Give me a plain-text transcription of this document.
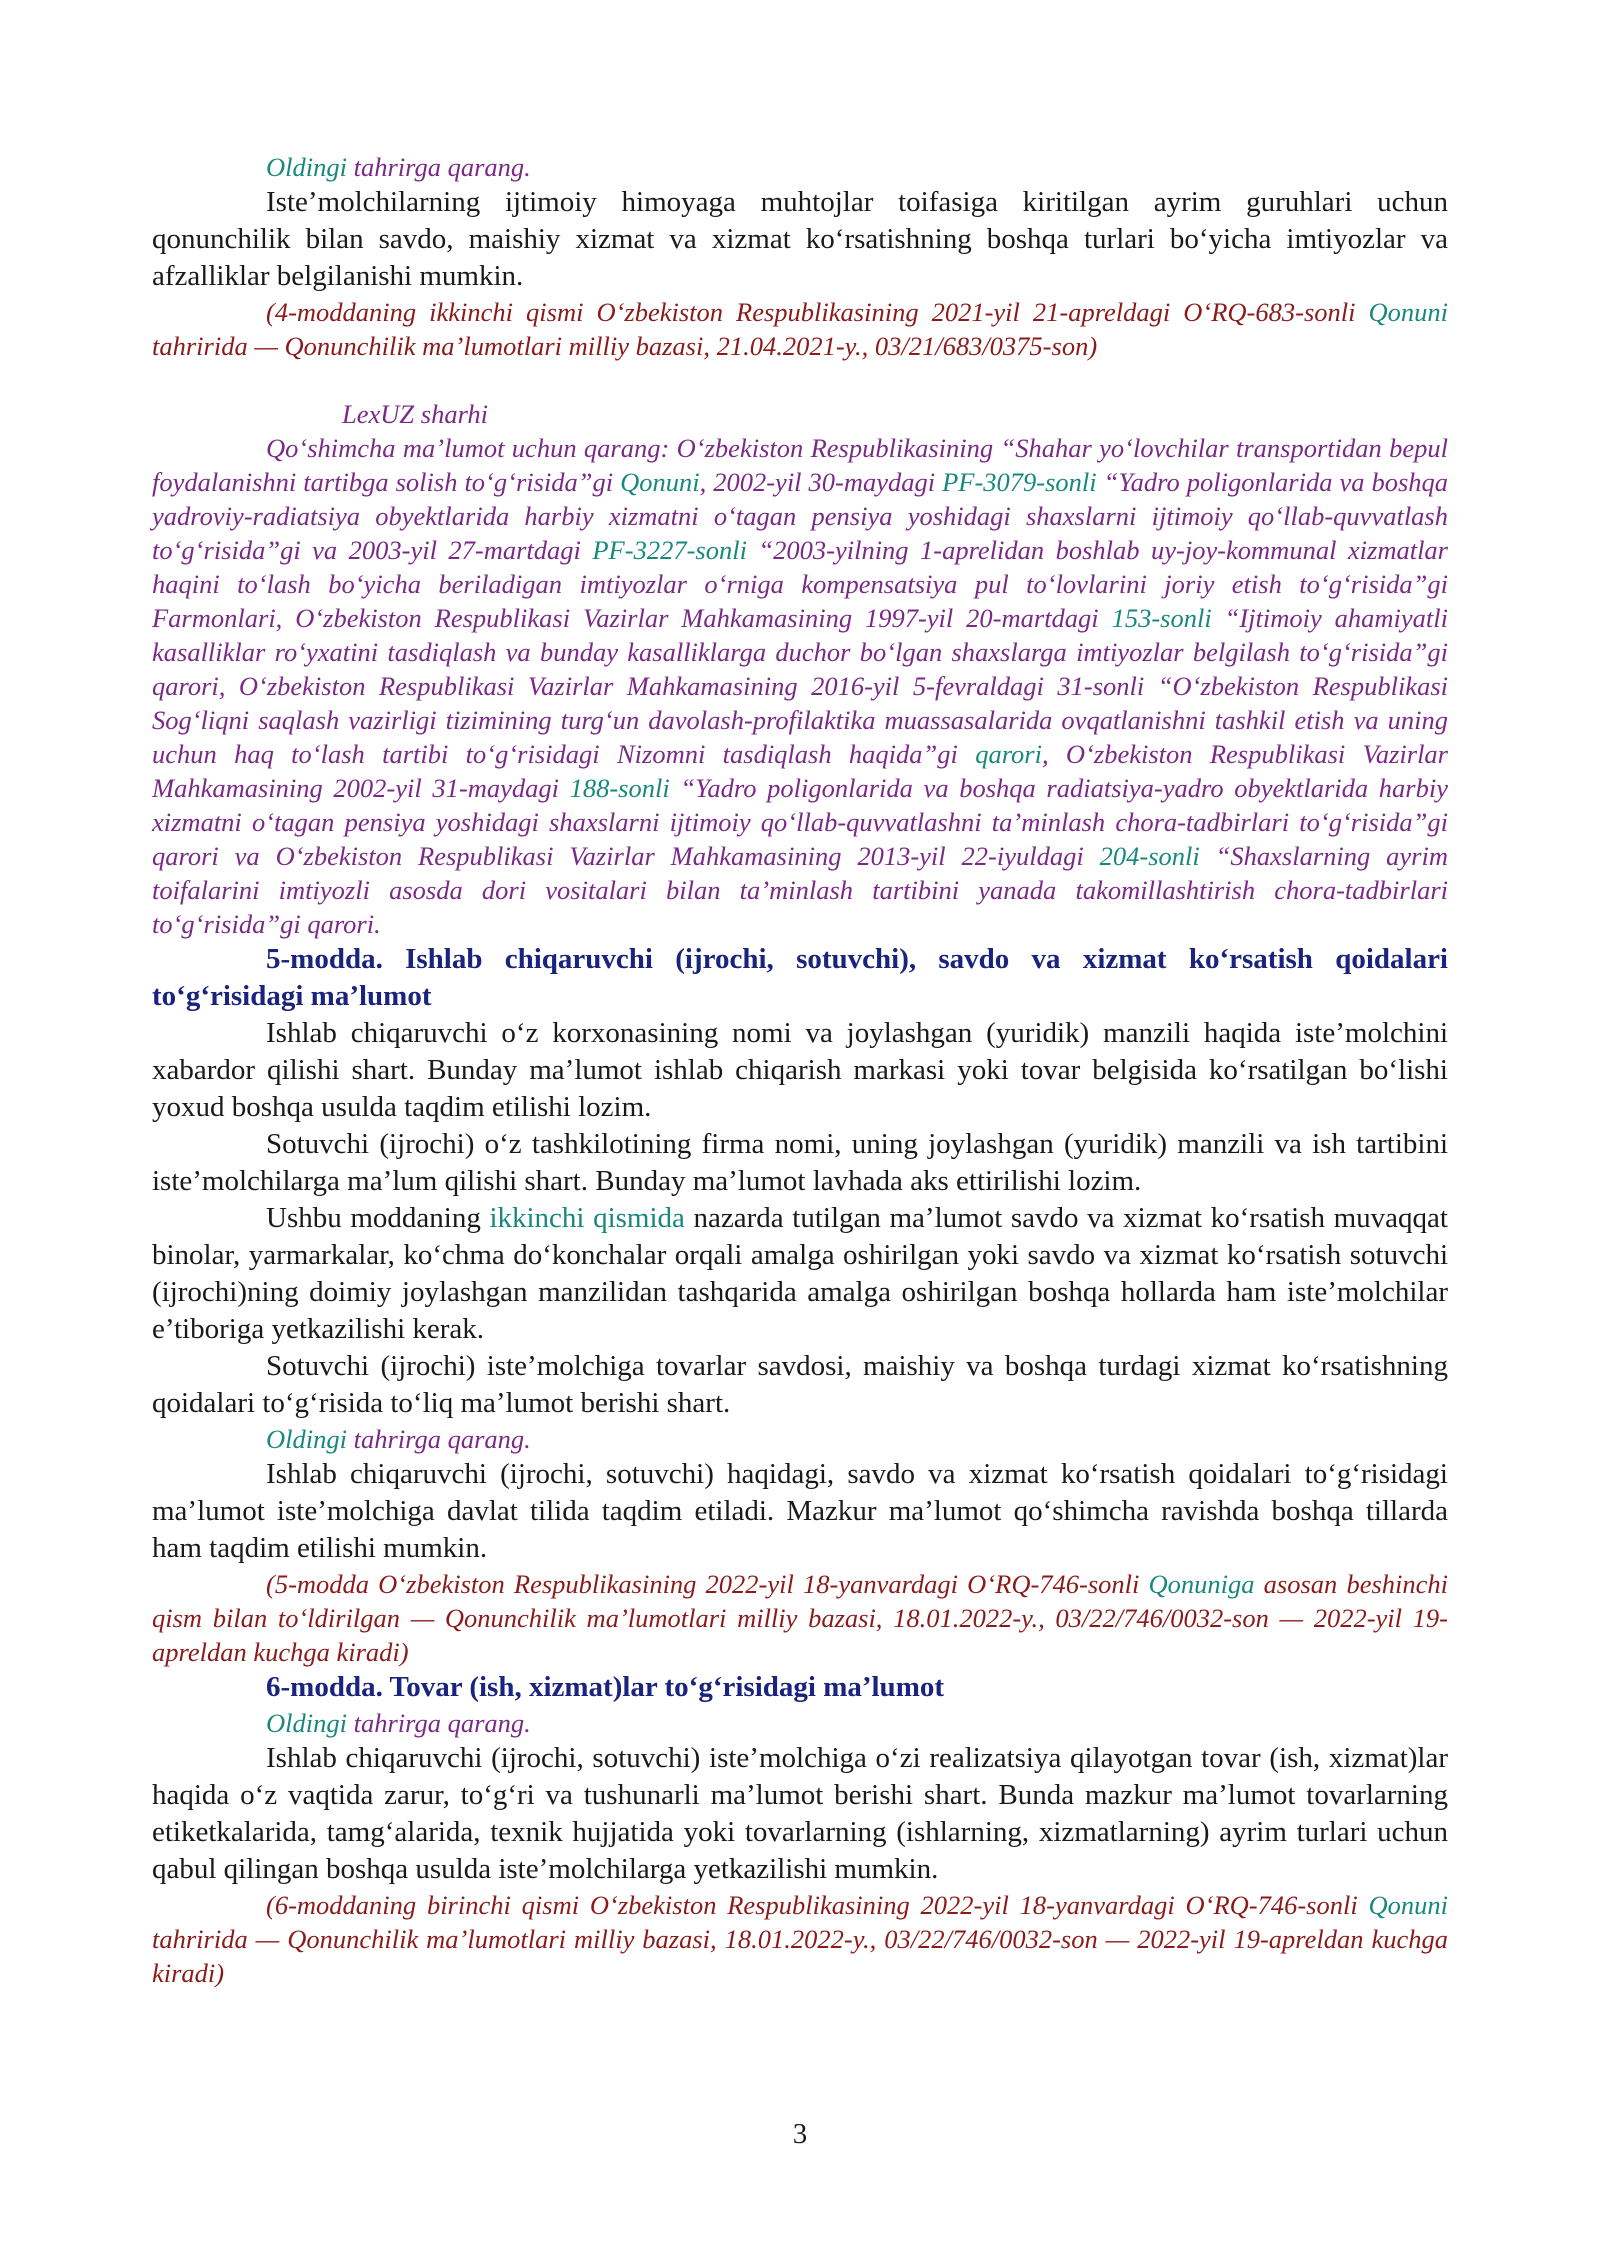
Oldingi tahrirga qarang.

Iste’molchilarning ijtimoiy himoyaga muhtojlar toifasiga kiritilgan ayrim guruhlari uchun qonunchilik bilan savdo, maishiy xizmat va xizmat ko‘rsatishning boshqa turlari bo‘yicha imtiyozlar va afzalliklar belgilanishi mumkin.

(4-moddaning ikkinchi qismi O‘zbekiston Respublikasining 2021-yil 21-apreldagi O‘RQ-683-sonli Qonuni tahririda — Qonunchilik ma’lumotlari milliy bazasi, 21.04.2021-y., 03/21/683/0375-son)

LexUZ sharhi

Qo‘shimcha ma’lumot uchun qarang: O‘zbekiston Respublikasining “Shahar yo‘lovchilar transportidan bepul foydalanishni tartibga solish to‘g‘risida”gi Qonuni, 2002-yil 30-maydagi PF-3079-sonli “Yadro poligonlarida va boshqa yadroviy-radiatsiya obyektlarida harbiy xizmatni o‘tagan pensiya yoshidagi shaxslarni ijtimoiy qo‘llab-quvvatlash to‘g‘risida”gi va 2003-yil 27-martdagi PF-3227-sonli “2003-yilning 1-aprelidan boshlab uy-joy-kommunal xizmatlar haqini to‘lash bo‘yicha beriladigan imtiyozlar o‘rniga kompensatsiya pul to‘lovlarini joriy etish to‘g‘risida”gi Farmonlari, O‘zbekiston Respublikasi Vazirlar Mahkamasining 1997-yil 20-martdagi 153-sonli “Ijtimoiy ahamiyatli kasalliklar ro‘yxatini tasdiqlash va bunday kasalliklarga duchor bo‘lgan shaxslarga imtiyozlar belgilash to‘g‘risida”gi qarori, O‘zbekiston Respublikasi Vazirlar Mahkamasining 2016-yil 5-fevraldagi 31-sonli “O‘zbekiston Respublikasi Sog‘liqni saqlash vazirligi tizimining turg‘un davolash-profilaktika muassasalarida ovqatlanishni tashkil etish va uning uchun haq to‘lash tartibi to‘g‘risidagi Nizomni tasdiqlash haqida”gi qarori, O‘zbekiston Respublikasi Vazirlar Mahkamasining 2002-yil 31-maydagi 188-sonli “Yadro poligonlarida va boshqa radiatsiya-yadro obyektlarida harbiy xizmatni o‘tagan pensiya yoshidagi shaxslarni ijtimoiy qo‘llab-quvvatlashni ta’minlash chora-tadbirlari to‘g‘risida”gi qarori va O‘zbekiston Respublikasi Vazirlar Mahkamasining 2013-yil 22-iyuldagi 204-sonli “Shaxslarning ayrim toifalarini imtiyozli asosda dori vositalari bilan ta’minlash tartibini yanada takomillashtirish chora-tadbirlari to‘g‘risida”gi qarori.

5-modda. Ishlab chiqaruvchi (ijrochi, sotuvchi), savdo va xizmat ko‘rsatish qoidalari to‘g‘risidagi ma’lumot

Ishlab chiqaruvchi o‘z korxonasining nomi va joylashgan (yuridik) manzili haqida iste’molchini xabardor qilishi shart. Bunday ma’lumot ishlab chiqarish markasi yoki tovar belgisida ko‘rsatilgan bo‘lishi yoxud boshqa usulda taqdim etilishi lozim.

Sotuvchi (ijrochi) o‘z tashkilotining firma nomi, uning joylashgan (yuridik) manzili va ish tartibini iste’molchilarga ma’lum qilishi shart. Bunday ma’lumot lavhada aks ettirilishi lozim.

Ushbu moddaning ikkinchi qismida nazarda tutilgan ma’lumot savdo va xizmat ko‘rsatish muvaqqat binolar, yarmarkalar, ko‘chma do‘konchalar orqali amalga oshirilgan yoki savdo va xizmat ko‘rsatish sotuvchi (ijrochi)ning doimiy joylashgan manzilidan tashqarida amalga oshirilgan boshqa hollarda ham iste’molchilar e’tiboriga yetkazilishi kerak.

Sotuvchi (ijrochi) iste’molchiga tovarlar savdosi, maishiy va boshqa turdagi xizmat ko‘rsatishning qoidalari to‘g‘risida to‘liq ma’lumot berishi shart.

Oldingi tahrirga qarang.

Ishlab chiqaruvchi (ijrochi, sotuvchi) haqidagi, savdo va xizmat ko‘rsatish qoidalari to‘g‘risidagi ma’lumot iste’molchiga davlat tilida taqdim etiladi. Mazkur ma’lumot qo‘shimcha ravishda boshqa tillarda ham taqdim etilishi mumkin.

(5-modda O‘zbekiston Respublikasining 2022-yil 18-yanvardagi O‘RQ-746-sonli Qonuniga asosan beshinchi qism bilan to‘ldirilgan — Qonunchilik ma’lumotlari milliy bazasi, 18.01.2022-y., 03/22/746/0032-son — 2022-yil 19-apreldan kuchga kiradi)

6-modda. Tovar (ish, xizmat)lar to‘g‘risidagi ma’lumot

Oldingi tahrirga qarang.

Ishlab chiqaruvchi (ijrochi, sotuvchi) iste’molchiga o‘zi realizatsiya qilayotgan tovar (ish, xizmat)lar haqida o‘z vaqtida zarur, to‘g‘ri va tushunarli ma’lumot berishi shart. Bunda mazkur ma’lumot tovarlarning etiketkalarida, tamg‘alarida, texnik hujjatida yoki tovarlarning (ishlarning, xizmatlarning) ayrim turlari uchun qabul qilingan boshqa usulda iste’molchilarga yetkazilishi mumkin.

(6-moddaning birinchi qismi O‘zbekiston Respublikasining 2022-yil 18-yanvardagi O‘RQ-746-sonli Qonuni tahririda — Qonunchilik ma’lumotlari milliy bazasi, 18.01.2022-y., 03/22/746/0032-son — 2022-yil 19-apreldan kuchga kiradi)

3
